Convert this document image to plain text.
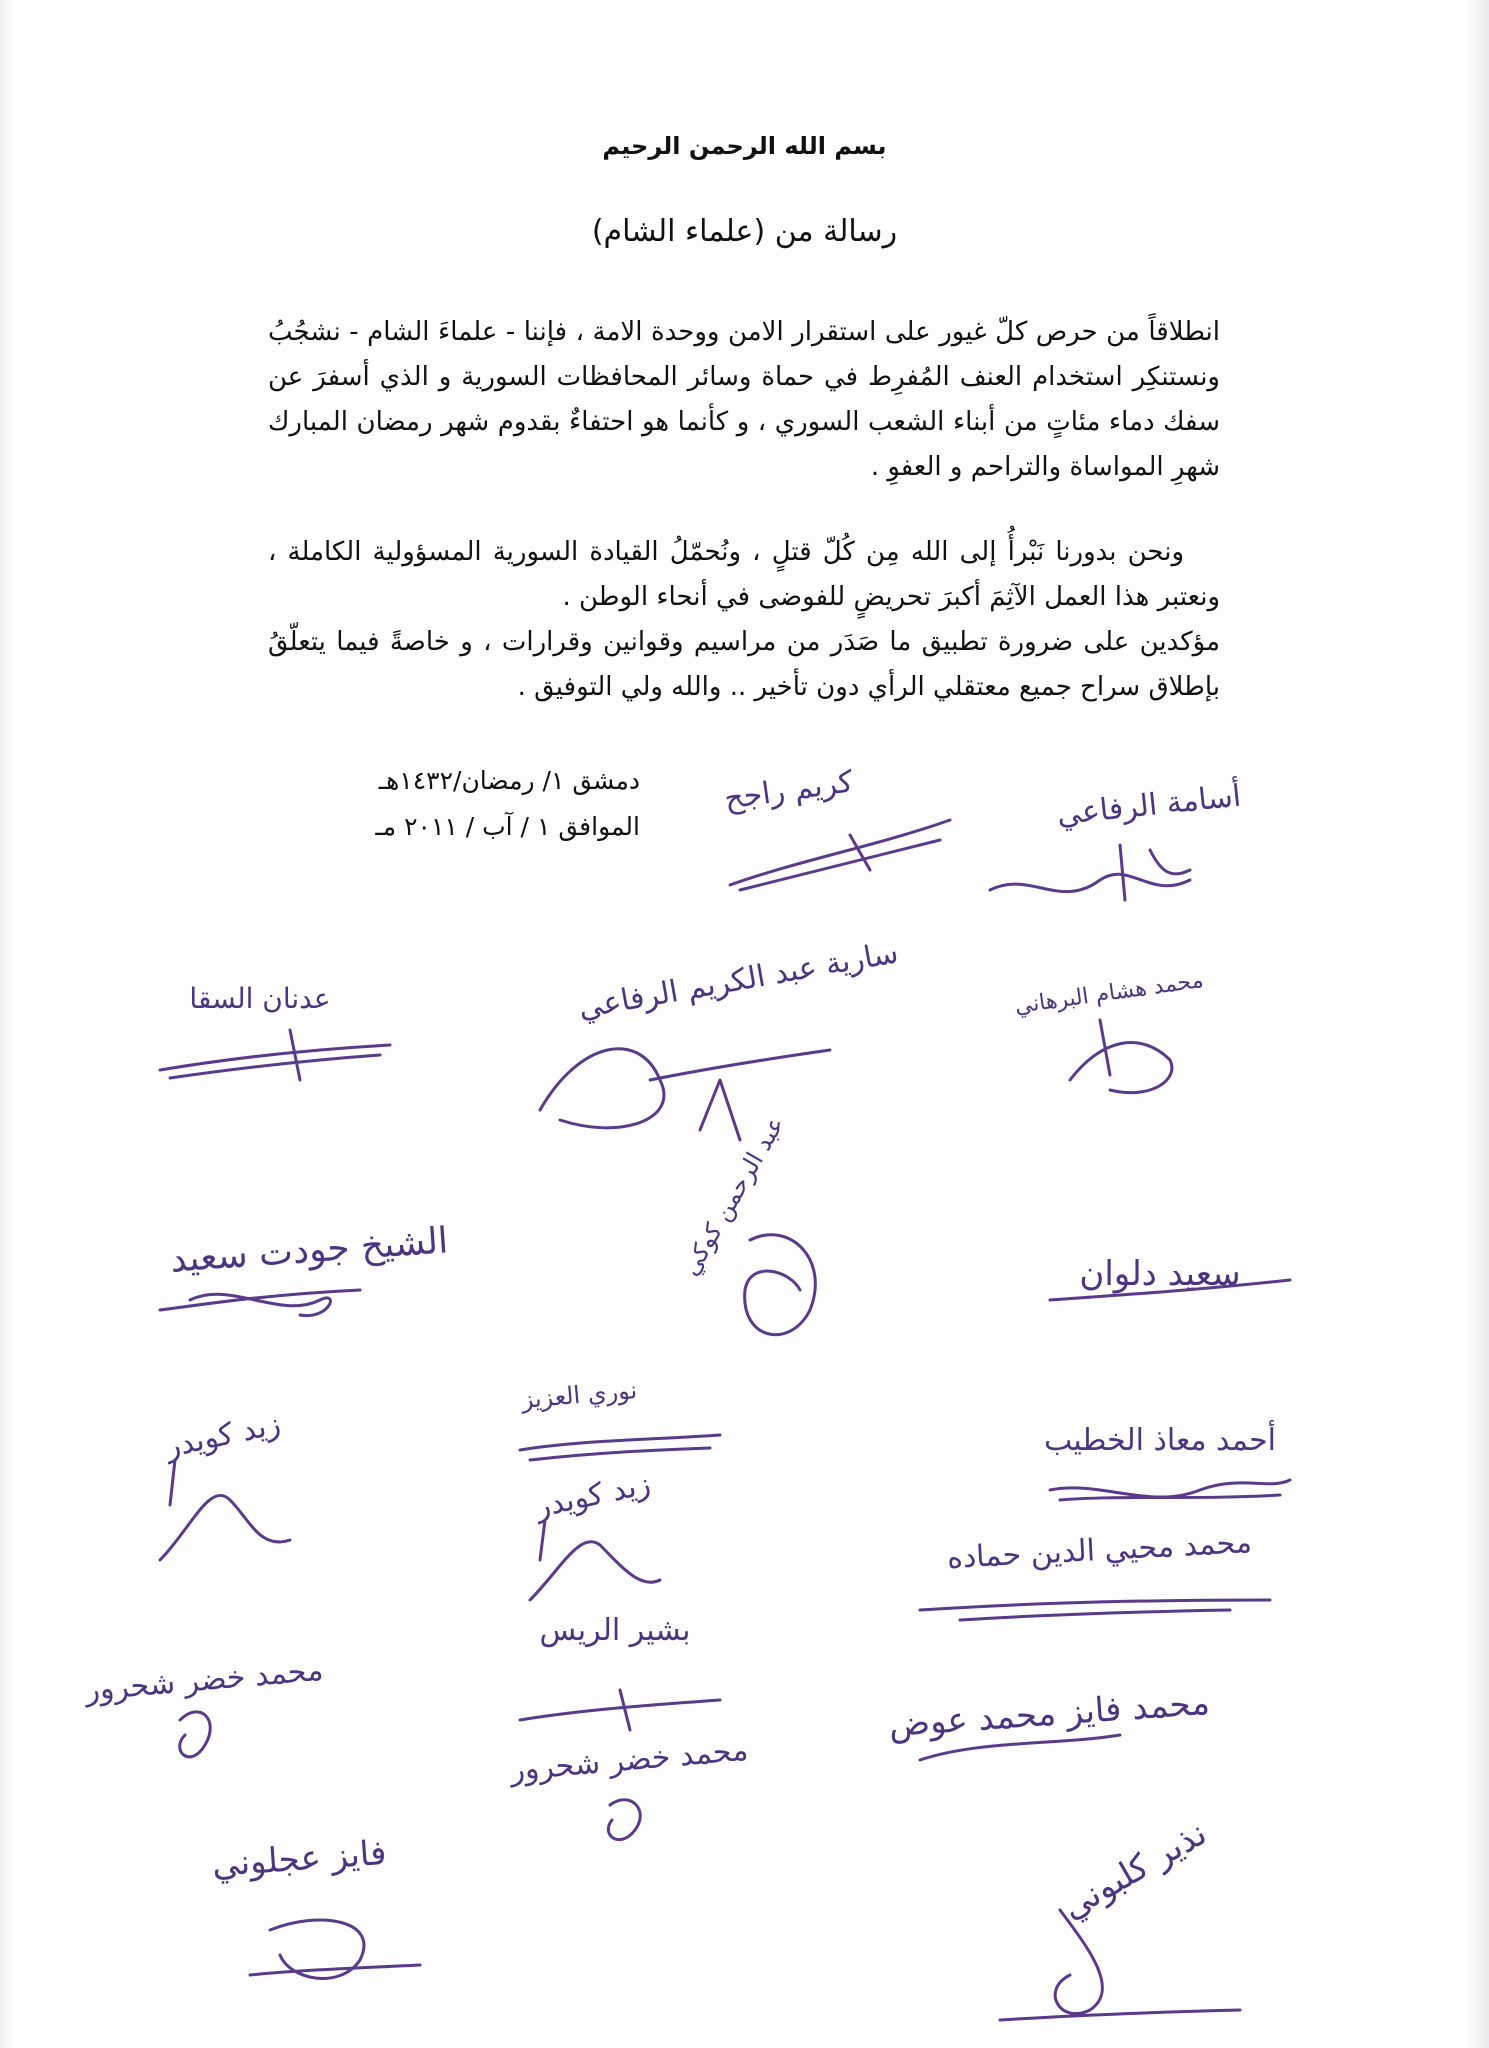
بسم الله الرحمن الرحيم
رسالة من (علماء الشام)

انطلاقاً من حرص كلّ غيور على استقرار الامن ووحدة الامة ، فإننا - علماءَ الشام - نشجُبُ ونستنكِر استخدام العنف المُفرِط في حماة وسائر المحافظات السورية و الذي أسفرَ عن سفك دماء مئاتٍ من أبناء الشعب السوري ، و كأنما هو احتفاءٌ بقدوم شهر رمضان المبارك شهرِ المواساة والتراحم و العفوِ .

ونحن بدورنا نَبْرأُ إلى الله مِن كُلّ قتلٍ ، ونُحمّلُ القيادة السورية المسؤولية الكاملة ، ونعتبر هذا العمل الآثِمَ أكبرَ تحريضٍ للفوضى في أنحاء الوطن .

مؤكدين على ضرورة تطبيق ما صَدَر من مراسيم وقوانين وقرارات ، و خاصةً فيما يتعلّقُ بإطلاق سراح جميع معتقلي الرأي دون تأخير .. والله ولي التوفيق .

دمشق ١/ رمضان/١٤٣٢هـ
الموافق ١ / آب / ٢٠١١ مـ
كريم راجح	أسامة الرفاعي
عدنان السقا	سارية عبد الكريم الرفاعي	محمد هشام البرهاني
عبد الرحمن كوكي
الشيخ جودت سعيد	سعيد دلوان
زيد كويدر
نوري العزيز
أحمد معاذ الخطيب
زيد كويدر
محمد محيي الدين حماده
بشير الريس
محمد خضر شحرور
محمد خضر شحرور
محمد فايز محمد عوض
فايز عجلوني	نذير كلبوني
